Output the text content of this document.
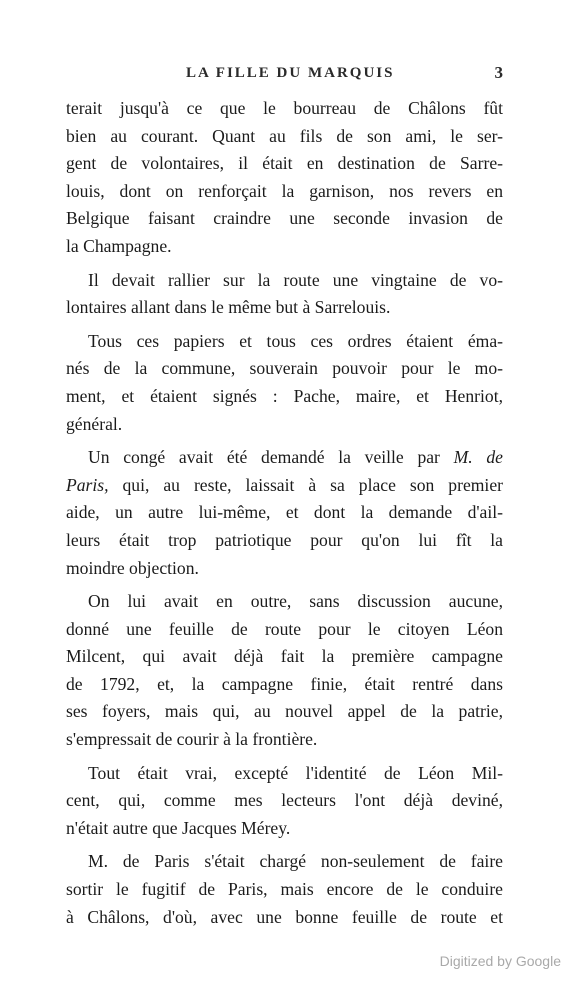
LA FILLE DU MARQUIS	3

terait jusqu'à ce que le bourreau de Châlons fût
bien au courant. Quant au fils de son ami, le ser-
gent de volontaires, il était en destination de Sarre-
louis, dont on renforçait la garnison, nos revers en
Belgique faisant craindre une seconde invasion de
la Champagne.

Il devait rallier sur la route une vingtaine de vo-
lontaires allant dans le même but à Sarrelouis.

Tous ces papiers et tous ces ordres étaient éma-
nés de la commune, souverain pouvoir pour le mo-
ment, et étaient signés : Pache, maire, et Henriot,
général.

Un congé avait été demandé la veille par M. de
Paris, qui, au reste, laissait à sa place son premier
aide, un autre lui-même, et dont la demande d'ail-
leurs était trop patriotique pour qu'on lui fît la
moindre objection.

On lui avait en outre, sans discussion aucune,
donné une feuille de route pour le citoyen Léon
Milcent, qui avait déjà fait la première campagne
de 1792, et, la campagne finie, était rentré dans
ses foyers, mais qui, au nouvel appel de la patrie,
s'empressait de courir à la frontière.

Tout était vrai, excepté l'identité de Léon Mil-
cent, qui, comme mes lecteurs l'ont déjà deviné,
n'était autre que Jacques Mérey.

M. de Paris s'était chargé non-seulement de faire
sortir le fugitif de Paris, mais encore de le conduire
à Châlons, d'où, avec une bonne feuille de route et

Digitized by Google
